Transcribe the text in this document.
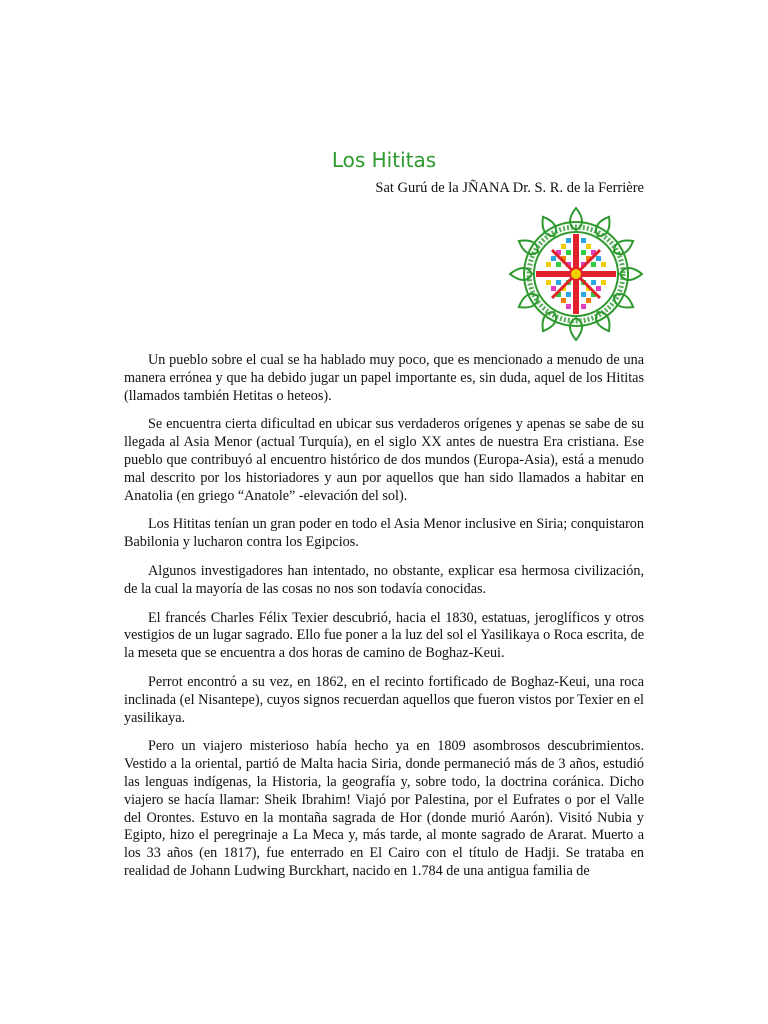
Los Hititas
Sat Gurú de la JÑANA Dr. S. R. de la Ferrière

Un pueblo sobre el cual se ha hablado muy poco, que es mencionado a menudo de una manera errónea y que ha debido jugar un papel importante es, sin duda, aquel de los Hititas (llamados también Hetitas o heteos).

Se encuentra cierta dificultad en ubicar sus verdaderos orígenes y apenas se sabe de su llegada al Asia Menor (actual Turquía), en el siglo XX antes de nuestra Era cristiana. Ese pueblo que contribuyó al encuentro histórico de dos mundos (Europa-Asia), está a menudo mal descrito por los historiadores y aun por aquellos que han sido llamados a habitar en Anatolia (en griego “Anatole” -elevación del sol).

Los Hititas tenían un gran poder en todo el Asia Menor inclusive en Siria; conquistaron Babilonia y lucharon contra los Egipcios.

Algunos investigadores han intentado, no obstante, explicar esa hermosa civilización, de la cual la mayoría de las cosas no nos son todavía conocidas.

El francés Charles Félix Texier descubrió, hacia el 1830, estatuas, jeroglíficos y otros vestigios de un lugar sagrado. Ello fue poner a la luz del sol el Yasilikaya o Roca escrita, de la meseta que se encuentra a dos horas de camino de Boghaz-Keui.

Perrot encontró a su vez, en 1862, en el recinto fortificado de Boghaz-Keui, una roca inclinada (el Nisantepe), cuyos signos recuerdan aquellos que fueron vistos por Texier en el yasilikaya.

Pero un viajero misterioso había hecho ya en 1809 asombrosos descubrimientos. Vestido a la oriental, partió de Malta hacia Siria, donde permaneció más de 3 años, estudió las lenguas indígenas, la Historia, la geografía y, sobre todo, la doctrina coránica. Dicho viajero se hacía llamar: Sheik Ibrahim! Viajó por Palestina, por el Eufrates o por el Valle del Orontes. Estuvo en la montaña sagrada de Hor (donde murió Aarón). Visitó Nubia y Egipto, hizo el peregrinaje a La Meca y, más tarde, al monte sagrado de Ararat. Muerto a los 33 años (en 1817), fue enterrado en El Cairo con el título de Hadji. Se trataba en realidad de Johann Ludwing Burckhart, nacido en 1.784 de una antigua familia de
